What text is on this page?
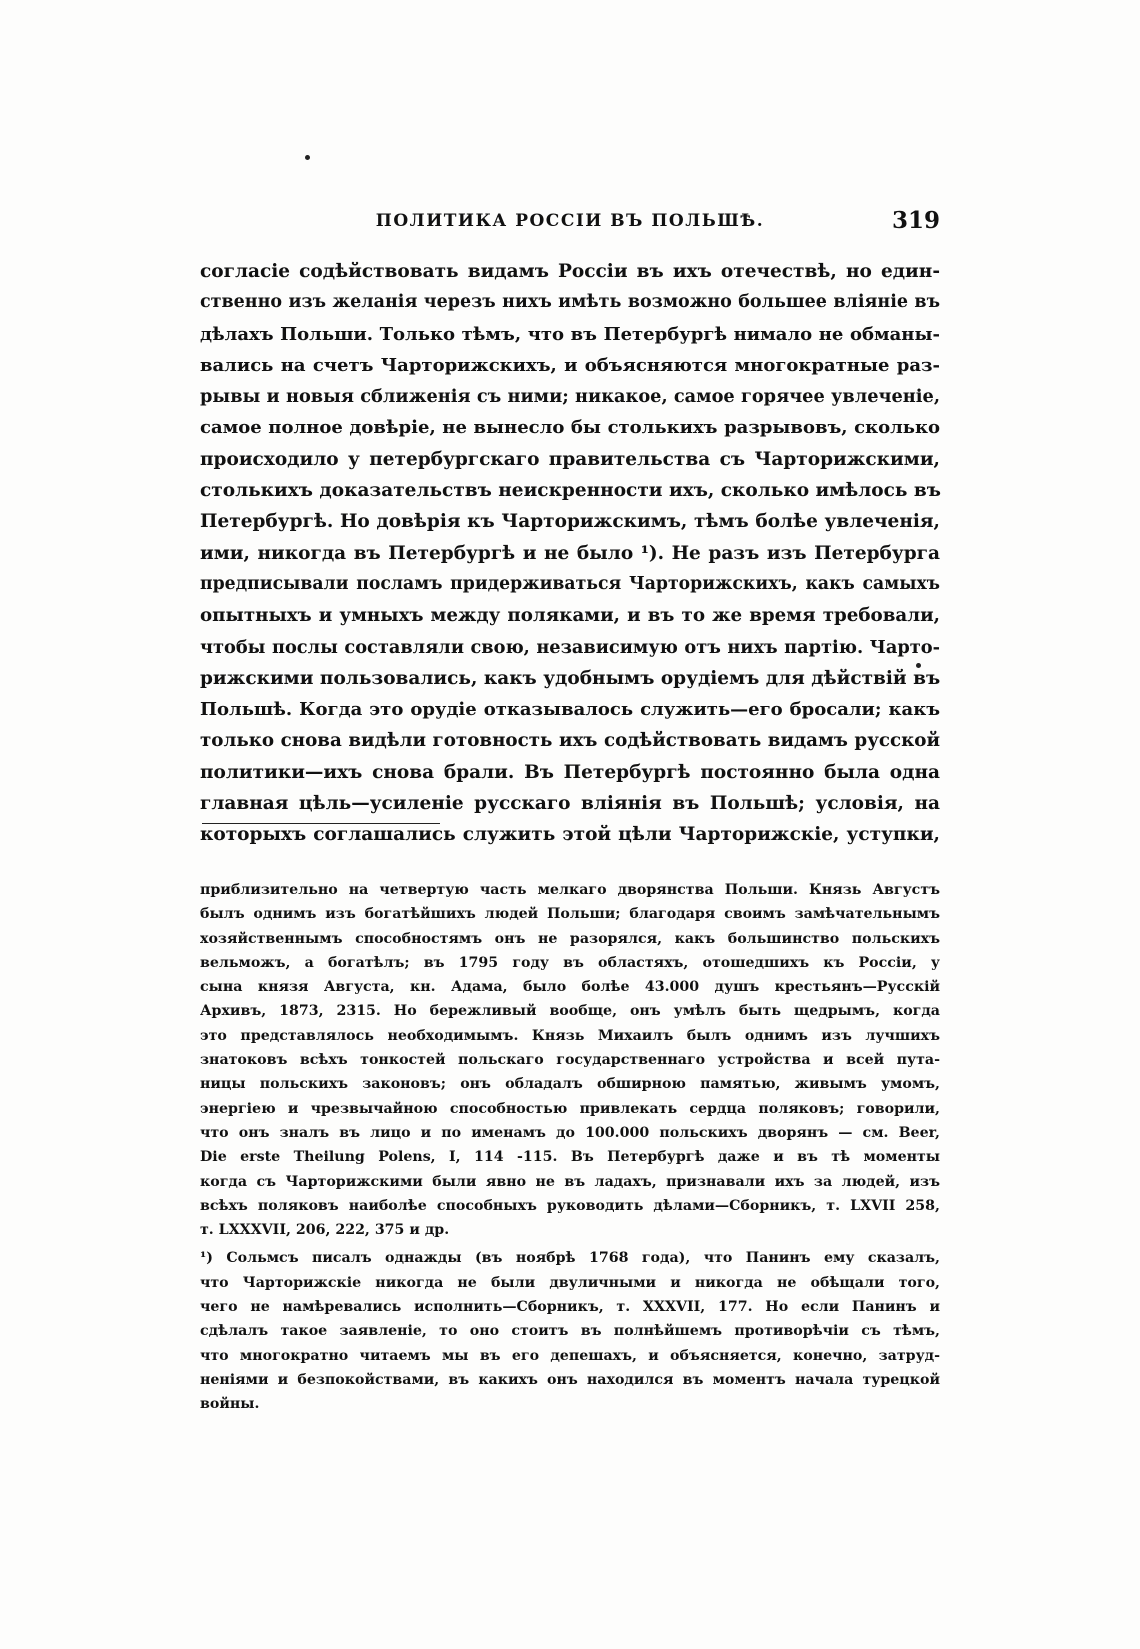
ПОЛИТИКА РОССІИ ВЪ ПОЛЬШѢ.	319
согласіе содѣйствовать видамъ Россіи въ ихъ отечествѣ, но един-
ственно изъ желанія черезъ нихъ имѣть возможно большее вліяніе въ
дѣлахъ Польши. Только тѣмъ, что въ Петербургѣ нимало не обманы-
вались на счетъ Чарторижскихъ, и объясняются многократные раз-
рывы и новыя сближенія съ ними; никакое, самое горячее увлеченіе,
самое полное довѣріе, не вынесло бы столькихъ разрывовъ, сколько
происходило у петербургскаго правительства съ Чарторижскими,
столькихъ доказательствъ неискренности ихъ, сколько имѣлось въ
Петербургѣ. Но довѣрія къ Чарторижскимъ, тѣмъ болѣе увлеченія,
ими, никогда въ Петербургѣ и не было ¹). Не разъ изъ Петербурга
предписывали посламъ придерживаться Чарторижскихъ, какъ самыхъ
опытныхъ и умныхъ между поляками, и въ то же время требовали,
чтобы послы составляли свою, независимую отъ нихъ партію. Чарто-
рижскими пользовались, какъ удобнымъ орудіемъ для дѣйствій въ
Польшѣ. Когда это орудіе отказывалось служить—его бросали; какъ
только снова видѣли готовность ихъ содѣйствовать видамъ русской
политики—ихъ снова брали. Въ Петербургѣ постоянно была одна
главная цѣль—усиленіе русскаго вліянія въ Польшѣ; условія, на
которыхъ соглашались служить этой цѣли Чарторижскіе, уступки,
приблизительно на четвертую часть мелкаго дворянства Польши. Князь Августъ
былъ однимъ изъ богатѣйшихъ людей Польши; благодаря своимъ замѣчательнымъ
хозяйственнымъ способностямъ онъ не разорялся, какъ большинство польскихъ
вельможъ, а богатѣлъ; въ 1795 году въ областяхъ, отошедшихъ къ Россіи, у
сына князя Августа, кн. Адама, было болѣе 43.000 душъ крестьянъ—Русскій
Архивъ, 1873, 2315. Но бережливый вообще, онъ умѣлъ быть щедрымъ, когда
это представлялось необходимымъ. Князь Михаилъ былъ однимъ изъ лучшихъ
знатоковъ всѣхъ тонкостей польскаго государственнаго устройства и всей пута-
ницы польскихъ законовъ; онъ обладалъ обширною памятью, живымъ умомъ,
энергіею и чрезвычайною способностью привлекать сердца поляковъ; говорили,
что онъ зналъ въ лицо и по именамъ до 100.000 польскихъ дворянъ — см. Beer,
Die erste Theilung Polens, I, 114 -115. Въ Петербургѣ даже и въ тѣ моменты
когда съ Чарторижскими были явно не въ ладахъ, признавали ихъ за людей, изъ
всѣхъ поляковъ наиболѣе способныхъ руководить дѣлами—Сборникъ, т. LXVII 258,
т. LXXXVII, 206, 222, 375 и др.
¹) Сольмсъ писалъ однажды (въ ноябрѣ 1768 года), что Панинъ ему сказалъ,
что Чарторижскіе никогда не были двуличными и никогда не обѣщали того,
чего не намѣревались исполнить—Сборникъ, т. XXXVII, 177. Но если Панинъ и
сдѣлалъ такое заявленіе, то оно стоитъ въ полнѣйшемъ противорѣчіи съ тѣмъ,
что многократно читаемъ мы въ его депешахъ, и объясняется, конечно, затруд-
неніями и безпокойствами, въ какихъ онъ находился въ моментъ начала турецкой
войны.
